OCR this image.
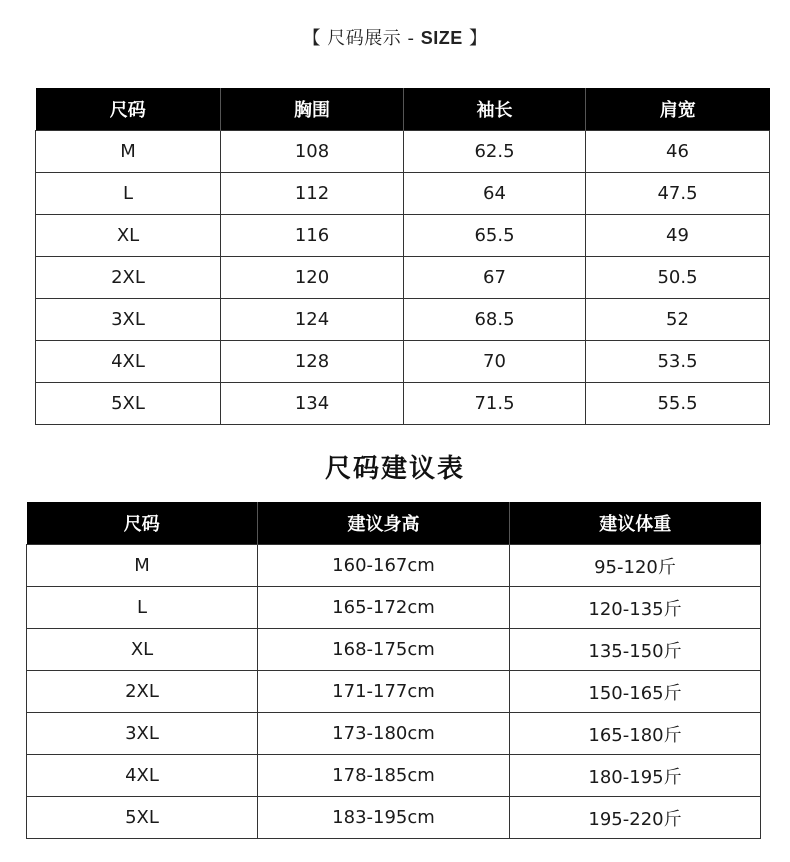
【 尺码展示 - SIZE 】
尺码	胸围	袖长	肩宽
M	108	62.5	46
L	112	64	47.5
XL	116	65.5	49
2XL	120	67	50.5
3XL	124	68.5	52
4XL	128	70	53.5
5XL	134	71.5	55.5
尺码建议表
尺码	建议身高	建议体重
M	160-167cm	95-120斤
L	165-172cm	120-135斤
XL	168-175cm	135-150斤
2XL	171-177cm	150-165斤
3XL	173-180cm	165-180斤
4XL	178-185cm	180-195斤
5XL	183-195cm	195-220斤
